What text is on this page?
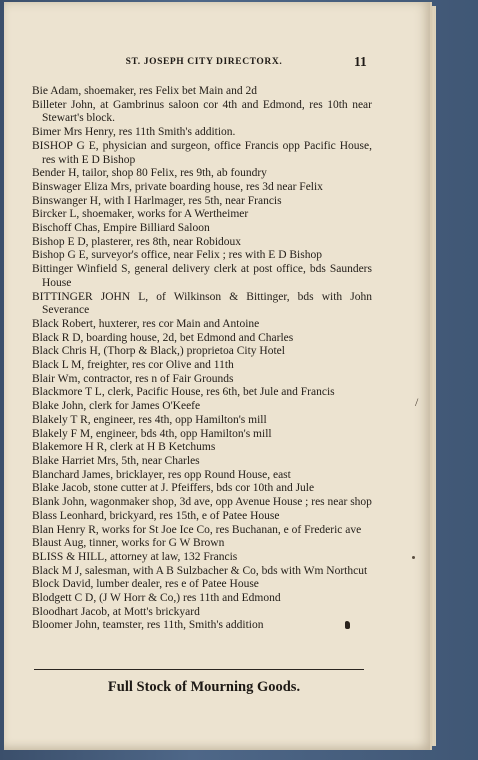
ST. JOSEPH CITY DIRECTORX.	11
Bie Adam, shoemaker, res Felix bet Main and 2d
Billeter John, at Gambrinus saloon cor 4th and Edmond, res 10th near Stewart's block.
Bimer Mrs Henry, res 11th Smith's addition.
BISHOP G E, physician and surgeon, office Francis opp Pacific House, res with E D Bishop
Bender H, tailor, shop 80 Felix, res 9th, ab foundry
Binswager Eliza Mrs, private boarding house, res 3d near Felix
Binswanger H, with I Harlmager, res 5th, near Francis
Bircker L, shoemaker, works for A Wertheimer
Bischoff Chas, Empire Billiard Saloon
Bishop E D, plasterer, res 8th, near Robidoux
Bishop G E, surveyor's office, near Felix ; res with E D Bishop
Bittinger Winfield S, general delivery clerk at post office, bds Saunders House
BITTINGER JOHN L, of Wilkinson & Bittinger, bds with John Severance
Black Robert, huxterer, res cor Main and Antoine
Black R D, boarding house, 2d, bet Edmond and Charles
Black Chris H, (Thorp & Black,) proprietoa City Hotel
Black L M, freighter, res cor Olive and 11th
Blair Wm, contractor, res n of Fair Grounds
Blackmore T L, clerk, Pacific House, res 6th, bet Jule and Francis
Blake John, clerk for James O'Keefe
Blakely T R, engineer, res 4th, opp Hamilton's mill
Blakely F M, engineer, bds 4th, opp Hamilton's mill
Blakemore H R, clerk at H B Ketchums
Blake Harriet Mrs, 5th, near Charles
Blanchard James, bricklayer, res opp Round House, east
Blake Jacob, stone cutter at J. Pfeiffers, bds cor 10th and Jule
Blank John, wagonmaker shop, 3d ave, opp Avenue House ; res near shop
Blass Leonhard, brickyard, res 15th, e of Patee House
Blan Henry R, works for St Joe Ice Co, res Buchanan, e of Frederic ave
Blaust Aug, tinner, works for G W Brown
BLISS & HILL, attorney at law, 132 Francis
Black M J, salesman, with A B Sulzbacher & Co, bds with Wm Northcut
Block David, lumber dealer, res e of Patee House
Blodgett C D, (J W Horr & Co,) res 11th and Edmond
Bloodhart Jacob, at Mott's brickyard
Bloomer John, teamster, res 11th, Smith's addition
Full Stock of Mourning Goods.
/
